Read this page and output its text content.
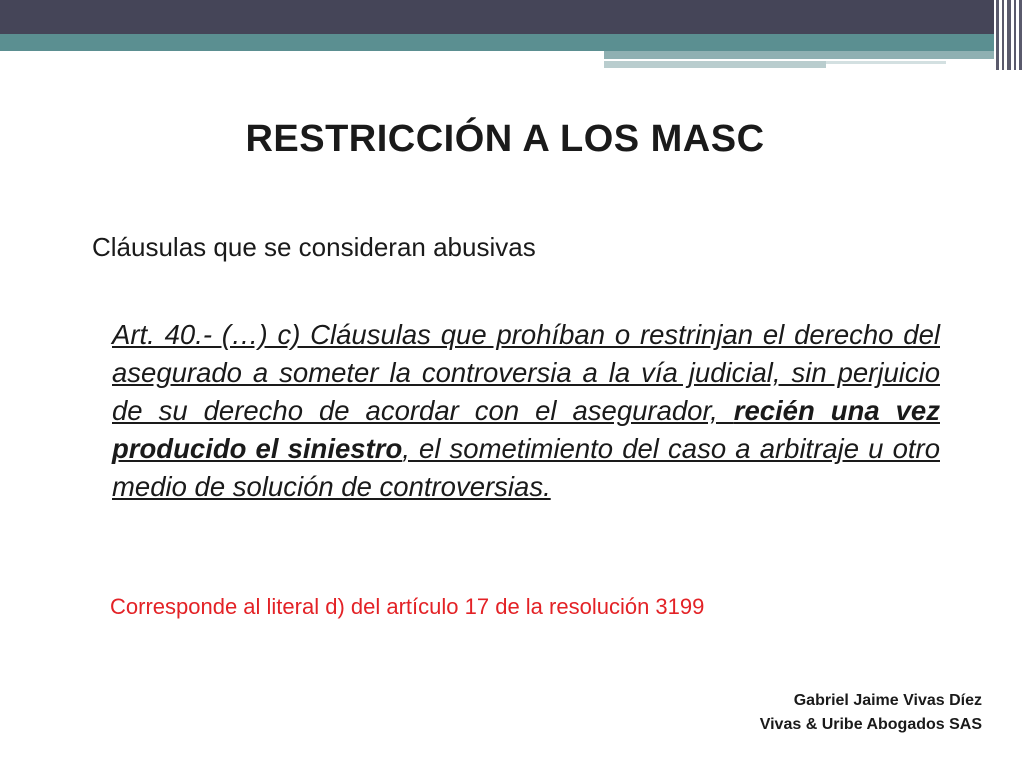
RESTRICCIÓN A LOS MASC
Cláusulas que se consideran abusivas
Art. 40.- (…) c) Cláusulas que prohíban o restrinjan el derecho del asegurado a someter la controversia a la vía judicial, sin perjuicio de su derecho de acordar con el asegurador, recién una vez producido el siniestro, el sometimiento del caso a arbitraje u otro medio de solución de controversias.
Corresponde al literal d) del artículo 17 de la resolución 3199
Gabriel Jaime Vivas Díez
Vivas & Uribe Abogados SAS
